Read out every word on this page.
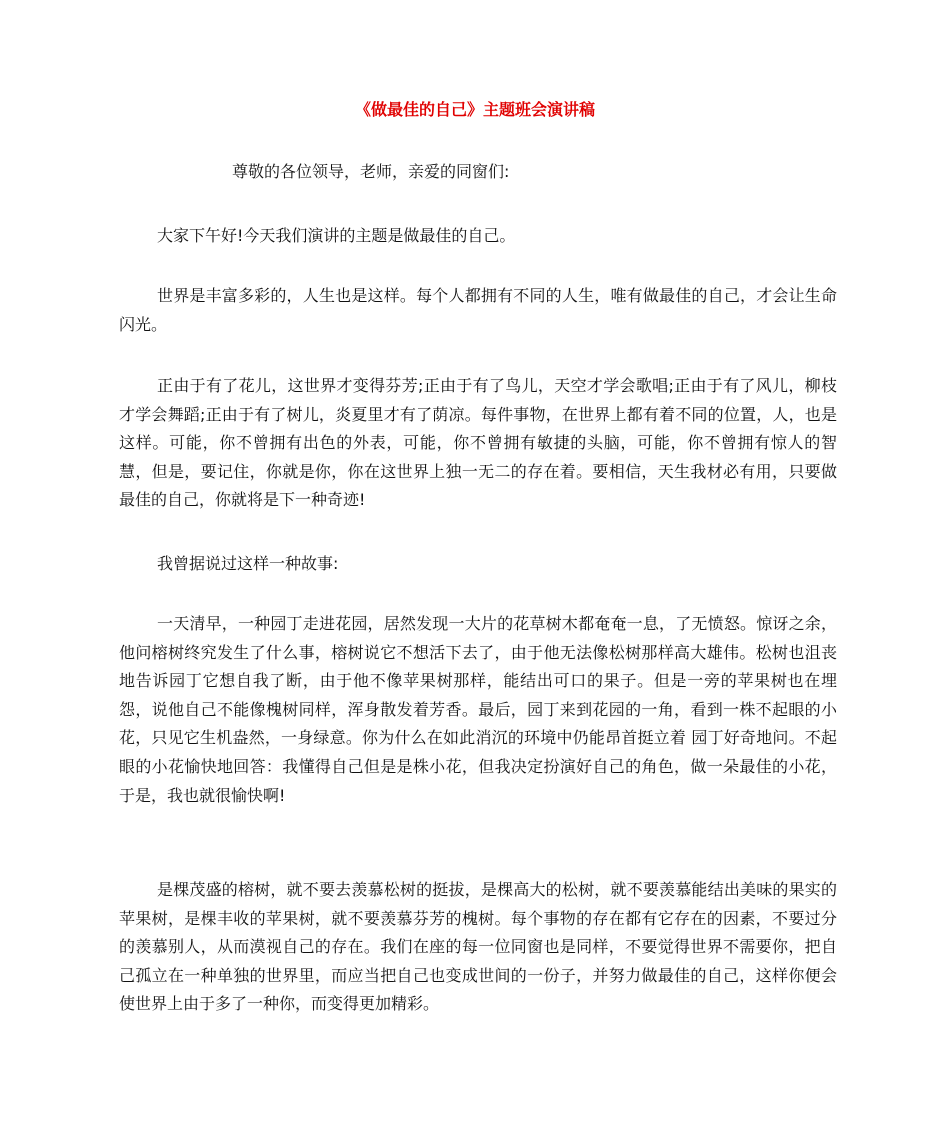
《做最佳的自己》主题班会演讲稿

尊敬的各位领导，老师，亲爱的同窗们:

大家下午好!今天我们演讲的主题是做最佳的自己。

世界是丰富多彩的，人生也是这样。每个人都拥有不同的人生，唯有做最佳的自己，才会让生命闪光。

正由于有了花儿，这世界才变得芬芳;正由于有了鸟儿，天空才学会歌唱;正由于有了风儿，柳枝才学会舞蹈;正由于有了树儿，炎夏里才有了荫凉。每件事物，在世界上都有着不同的位置，人，也是这样。可能，你不曾拥有出色的外表，可能，你不曾拥有敏捷的头脑，可能，你不曾拥有惊人的智慧，但是，要记住，你就是你，你在这世界上独一无二的存在着。要相信，天生我材必有用，只要做最佳的自己，你就将是下一种奇迹!

我曾据说过这样一种故事:

一天清早，一种园丁走进花园，居然发现一大片的花草树木都奄奄一息，了无愤怒。惊讶之余，他问榕树终究发生了什么事，榕树说它不想活下去了，由于他无法像松树那样高大雄伟。松树也沮丧地告诉园丁它想自我了断，由于他不像苹果树那样，能结出可口的果子。但是一旁的苹果树也在埋怨，说他自己不能像槐树同样，浑身散发着芳香。最后，园丁来到花园的一角，看到一株不起眼的小花，只见它生机盎然，一身绿意。你为什么在如此消沉的环境中仍能昂首挺立着 园丁好奇地问。不起眼的小花愉快地回答：我懂得自己但是是株小花，但我决定扮演好自己的角色，做一朵最佳的小花，于是，我也就很愉快啊!

是棵茂盛的榕树，就不要去羡慕松树的挺拔，是棵高大的松树，就不要羡慕能结出美味的果实的苹果树，是棵丰收的苹果树，就不要羡慕芬芳的槐树。每个事物的存在都有它存在的因素，不要过分的羡慕别人，从而漠视自己的存在。我们在座的每一位同窗也是同样，不要觉得世界不需要你，把自己孤立在一种单独的世界里，而应当把自己也变成世间的一份子，并努力做最佳的自己，这样你便会使世界上由于多了一种你，而变得更加精彩。
